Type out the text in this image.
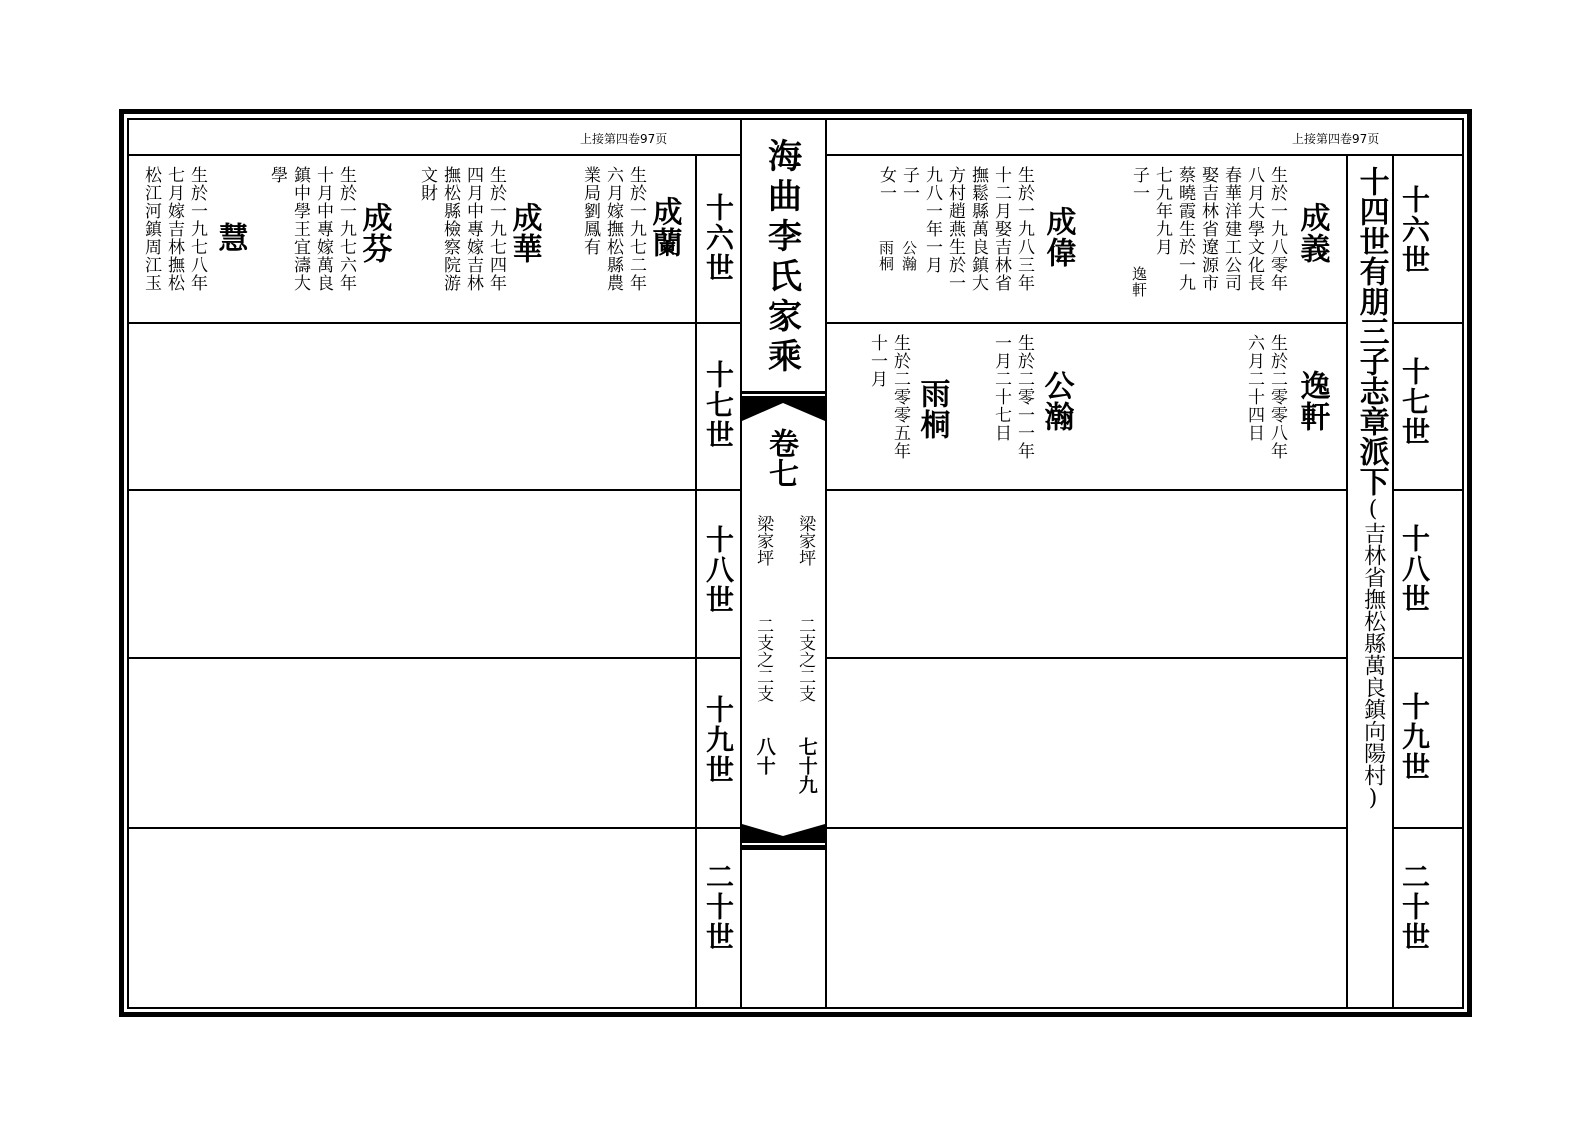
上接第四卷97页	上接第四卷97页
十六世
十七世
十八世
十九世
二十世
十六世
十七世
十八世
十九世
二十世
十四世有朋三子志章派下
(吉林省撫松縣萬良鎮向陽村)
海曲李氏家乘
卷七
梁家坪
二支之二支
七十九
梁家坪
二支之二支
八十
成蘭
生於一九七二年
六月嫁撫松縣農
業局劉鳳有
成華
生於一九七四年
四月中專嫁吉林
撫松縣檢察院游
文財
成芬
生於一九七六年
十月中專嫁萬良
鎮中學王宜濤大
學
慧
生於一九七八年
七月嫁吉林撫松
松江河鎮周江玉	成義
生於一九八零年
八月大學文化長
春華洋建工公司
娶吉林省遼源市
蔡曉霞生於一九
七九年九月
子一
逸軒
成偉
生於一九八三年
十二月娶吉林省
撫鬆縣萬良鎮大
方村趙燕生於一
九八一年一月
子一
女一
公瀚
雨桐
逸軒
生於二零零八年
六月二十四日
公瀚
生於二零一一年
一月二十七日
雨桐
生於二零零五年
十一月
